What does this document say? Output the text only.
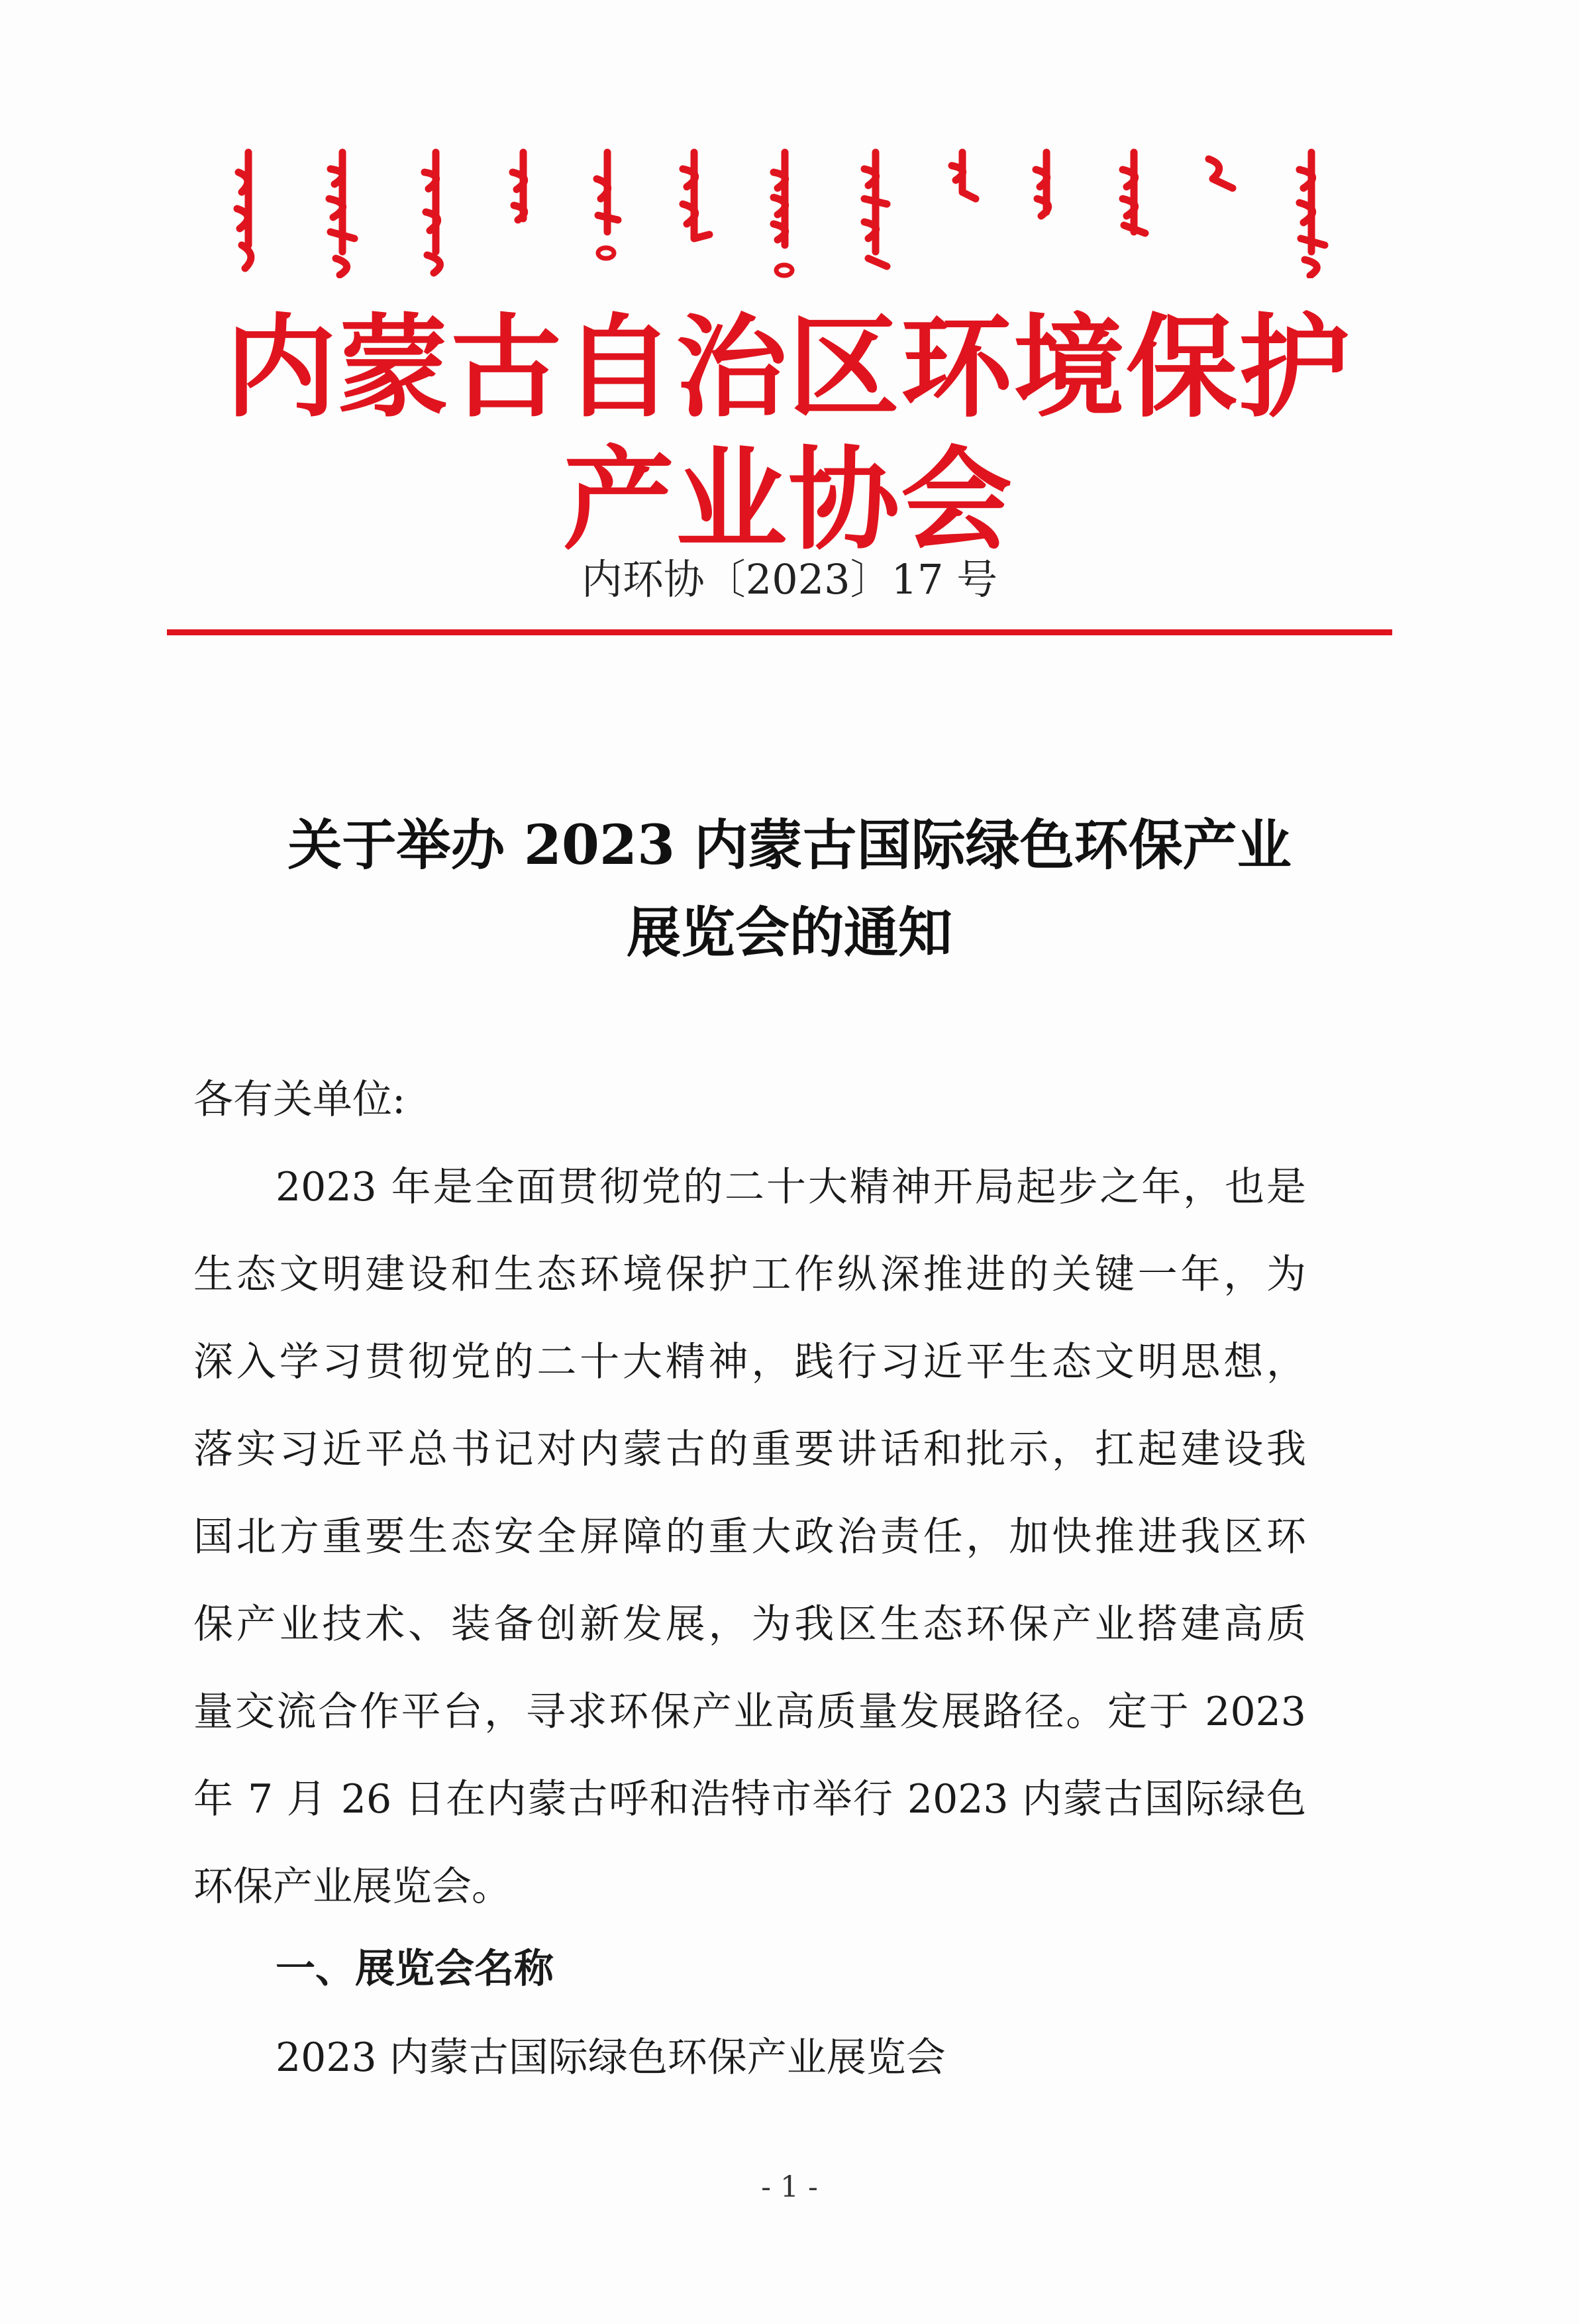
内蒙古自治区环境保护产业协会
内环协〔2023〕17 号
关于举办 2023 内蒙古国际绿色环保产业
展览会的通知
各有关单位:
2023 年是全面贯彻党的二十大精神开局起步之年，也是
生态文明建设和生态环境保护工作纵深推进的关键一年，为
深入学习贯彻党的二十大精神，践行习近平生态文明思想，
落实习近平总书记对内蒙古的重要讲话和批示，扛起建设我
国北方重要生态安全屏障的重大政治责任，加快推进我区环
保产业技术、装备创新发展，为我区生态环保产业搭建高质
量交流合作平台，寻求环保产业高质量发展路径。定于 2023
年 7 月 26 日在内蒙古呼和浩特市举行 2023 内蒙古国际绿色
环保产业展览会。
一、展览会名称
2023 内蒙古国际绿色环保产业展览会
- 1 -
